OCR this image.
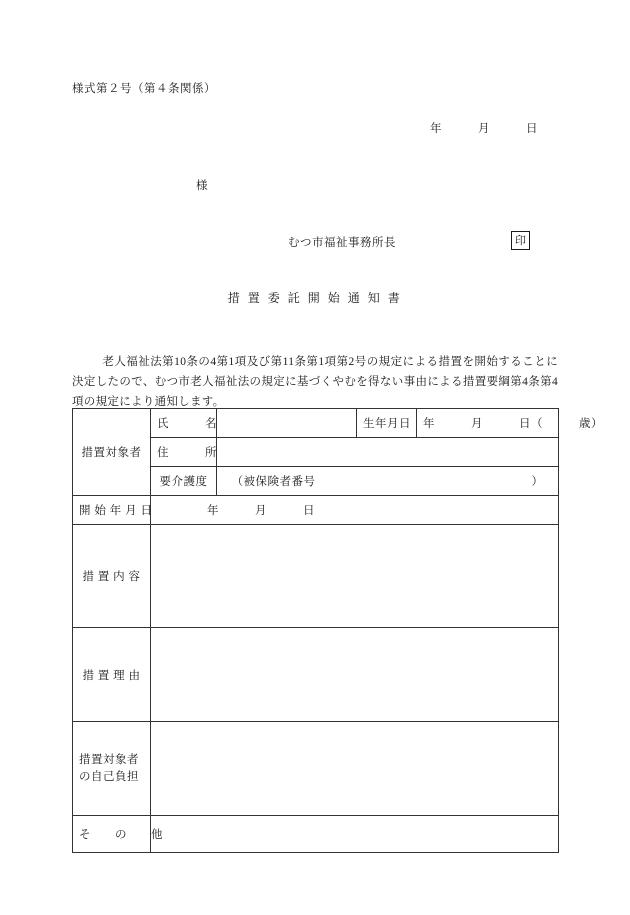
様式第２号（第４条関係）
年　　　月　　　日
様
むつ市福祉事務所長	印
措 置 委 託 開 始 通 知 書
　老人福祉法第10条の4第1項及び第11条第1項第2号の規定による措置を開始することに決定したので、むつ市老人福祉法の規定に基づくやむを得ない事由による措置要綱第4条第4項の規定により通知します。
措置対象者	氏　　　名		生年月日	年　　　月　　　日（　　　歳）
	住　　　所			
	要介護度	（被保険者番号　　　　　　　　　　　　　　　　　　）		
開 始 年 月 日	年　　　月　　　日			
措 置 内 容				
措 置 理 由				

措置対象者
の自己負担				

そ　　の　　他				
